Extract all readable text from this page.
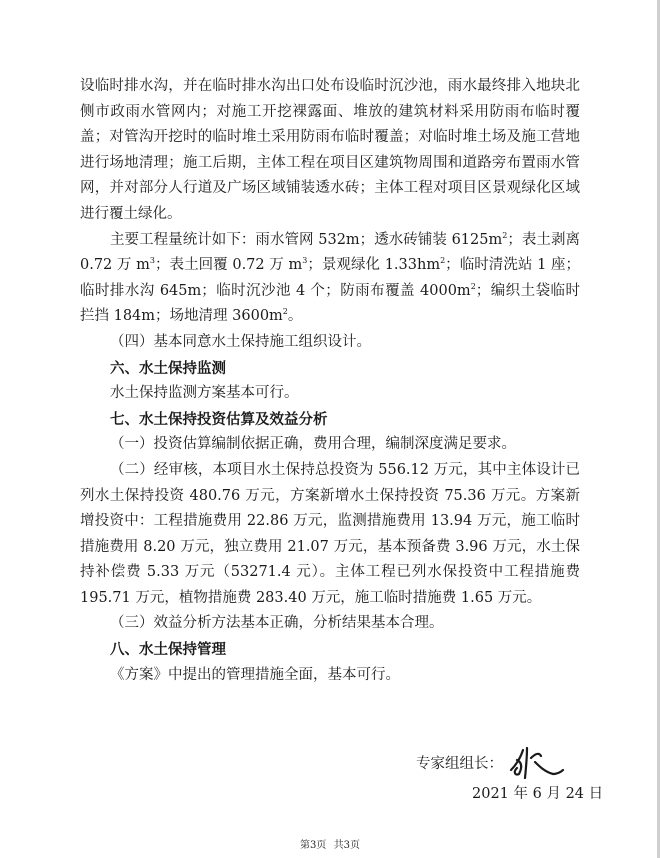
设临时排水沟，并在临时排水沟出口处布设临时沉沙池，雨水最终排入地块北侧市政雨水管网内；对施工开挖裸露面、堆放的建筑材料采用防雨布临时覆盖；对管沟开挖时的临时堆土采用防雨布临时覆盖；对临时堆土场及施工营地进行场地清理；施工后期，主体工程在项目区建筑物周围和道路旁布置雨水管网，并对部分人行道及广场区域铺装透水砖；主体工程对项目区景观绿化区域进行覆土绿化。

主要工程量统计如下：雨水管网 532m；透水砖铺装 $6125m^2$；表土剥离 0.72 万 $m^3$；表土回覆 0.72 万 $m^3$；景观绿化 $1.33hm^2$；临时清洗站 1 座；临时排水沟 645m；临时沉沙池 4 个；防雨布覆盖 $4000m^2$；编织土袋临时拦挡 184m；场地清理 $3600m^2$。

（四）基本同意水土保持施工组织设计。

六、水土保持监测

水土保持监测方案基本可行。

七、水土保持投资估算及效益分析

（一）投资估算编制依据正确，费用合理，编制深度满足要求。

（二）经审核，本项目水土保持总投资为 556.12 万元，其中主体设计已列水土保持投资 480.76 万元，方案新增水土保持投资 75.36 万元。方案新增投资中：工程措施费用 22.86 万元，监测措施费用 13.94 万元，施工临时措施费用 8.20 万元，独立费用 21.07 万元，基本预备费 3.96 万元，水土保持补偿费 5.33 万元（53271.4 元）。主体工程已列水保投资中工程措施费 195.71 万元，植物措施费 283.40 万元，施工临时措施费 1.65 万元。

（三）效益分析方法基本正确，分析结果基本合理。

八、水土保持管理

《方案》中提出的管理措施全面，基本可行。

专家组组长：
2021 年 6 月 24 日
第3页 共3页
